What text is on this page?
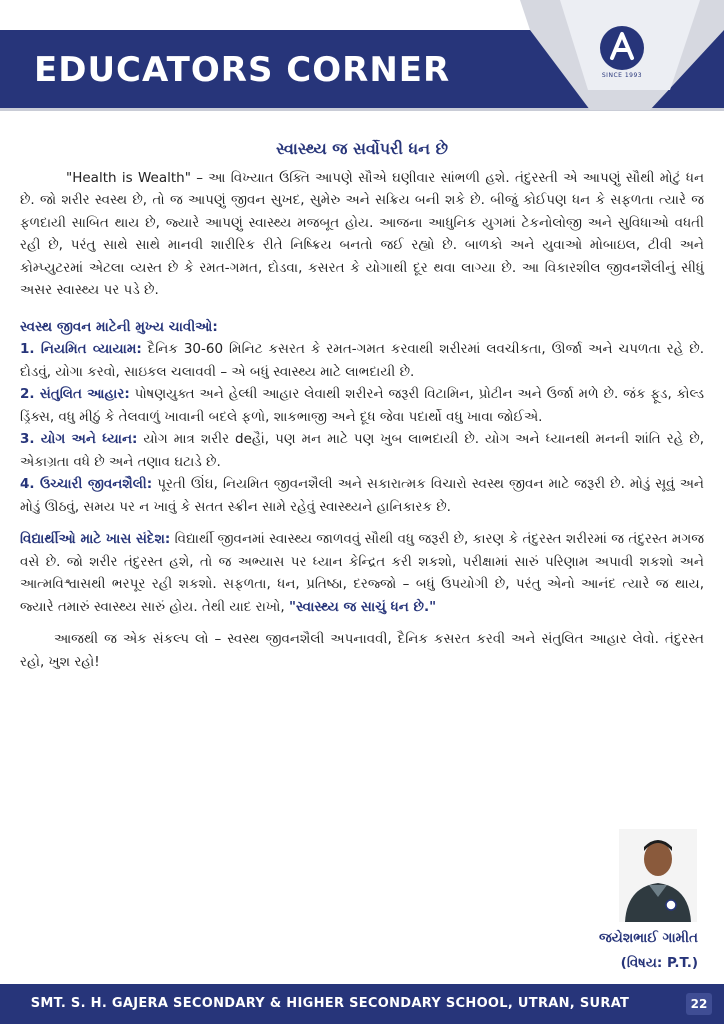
EDUCATORS CORNER	SINCE 1993
સ્વાસ્થ્ય જ સર્વોપરી ધન છે

"Health is Wealth" – આ વિખ્યાત ઉક્તિ આપણે સૌએ ઘણીવાર સાંભળી હશે. તંદુરસ્તી એ આપણું સૌથી મોટું ધન છે. જો શરીર સ્વસ્થ છે, તો જ આપણું જીવન સુખદ, સુમેરુ અને સક્રિય બની શકે છે. બીજું કોઈપણ ધન કે સફળતા ત્યારે જ ફળદાયી સાબિત થાય છે, જ્યારે આપણું સ્વાસ્થ્ય મજબૂત હોય. આજના આધુનિક યુગમાં ટેકનોલોજી અને સુવિધાઓ વધતી રહી છે, પરંતુ સાથે સાથે માનવી શારીરિક રીતે નિષ્ક્રિય બનતો જઈ રહ્યો છે. બાળકો અને યુવાઓ મોબાઇલ, ટીવી અને કોમ્પ્યુટરમાં એટલા વ્યસ્ત છે કે રમત-ગમત, દોડવા, કસરત કે યોગાથી દૂર થવા લાગ્યા છે. આ વિકારશીલ જીવનશૈલીનું સીધું અસર સ્વાસ્થ્ય પર પડે છે.

સ્વસ્થ જીવન માટેની મુખ્ય ચાવીઓ:

1. નિયમિત વ્યાયામ: દૈનિક 30-60 મિનિટ કસરત કે રમત-ગમત કરવાથી શરીરમાં લવચીકતા, ઊર્જા અને ચપળતા રહે છે. દોડવું, યોગા કરવો, સાઇકલ ચલાવવી – એ બધું સ્વાસ્થ્ય માટે લાભદાયી છે.

2. સંતુલિત આહાર: પોષણયુક્ત અને હેલ્ધી આહાર લેવાથી શરીરને જરૂરી વિટામિન, પ્રોટીન અને ઉર્જા મળે છે. જંક ફૂડ, કોલ્ડ ડ્રિંક્સ, વધુ મીઠું કે તેલવાળું ખાવાની બદલે ફળો, શાકભાજી અને દૂધ જેવા પદાર્થો વધુ ખાવા જોઈએ.

3. યોગ અને ધ્યાન: યોગ માત્ર શરીર deહૈાં, પણ મન માટે પણ ખુબ લાભદાયી છે. યોગ અને ધ્યાનથી મનની શાંતિ રહે છે, એકાગ્રતા વધે છે અને તણાવ ઘટાડે છે.

4. ઉચ્ચારી જીવનશૈલી: પૂરતી ઊંઘ, નિયમિત જીવનશૈલી અને સકારાત્મક વિચારો સ્વસ્થ જીવન માટે જરૂરી છે. મોડું સૂવું અને મોડું ઊઠવું, સમય પર ન ખાવું કે સતત સ્ક્રીન સામે રહેવું સ્વાસ્થ્યને હાનિકારક છે.

વિદ્યાર્થીઓ માટે ખાસ સંદેશ: વિદ્યાર્થી જીવનમાં સ્વાસ્થ્ય જાળવવું સૌથી વધુ જરૂરી છે, કારણ કે તંદુરસ્ત શરીરમાં જ તંદુરસ્ત મગજ વસે છે. જો શરીર તંદુરસ્ત હશે, તો જ અભ્યાસ પર ધ્યાન કેન્દ્રિત કરી શકશો, પરીક્ષામાં સારું પરિણામ અપાવી શકશો અને આત્મવિશ્વાસથી ભરપૂર રહી શકશો. સફળતા, ધન, પ્રતિષ્ઠા, દરજ્જો – બધું ઉપયોગી છે, પરંતુ એનો આનંદ ત્યારે જ થાય, જ્યારે તમારું સ્વાસ્થ્ય સારું હોય. તેથી યાદ રાખો, "સ્વાસ્થ્ય જ સાચું ધન છે."

આજથી જ એક સંકલ્પ લો – સ્વસ્થ જીવનશૈલી અપનાવવી, દૈનિક કસરત કરવી અને સંતુલિત આહાર લેવો. તંદુરસ્ત રહો, ખુશ રહો!

જયેશભાઈ ગામીત
(વિષય: P.T.)
SMT. S. H. GAJERA SECONDARY & HIGHER SECONDARY SCHOOL, UTRAN, SURAT	22
